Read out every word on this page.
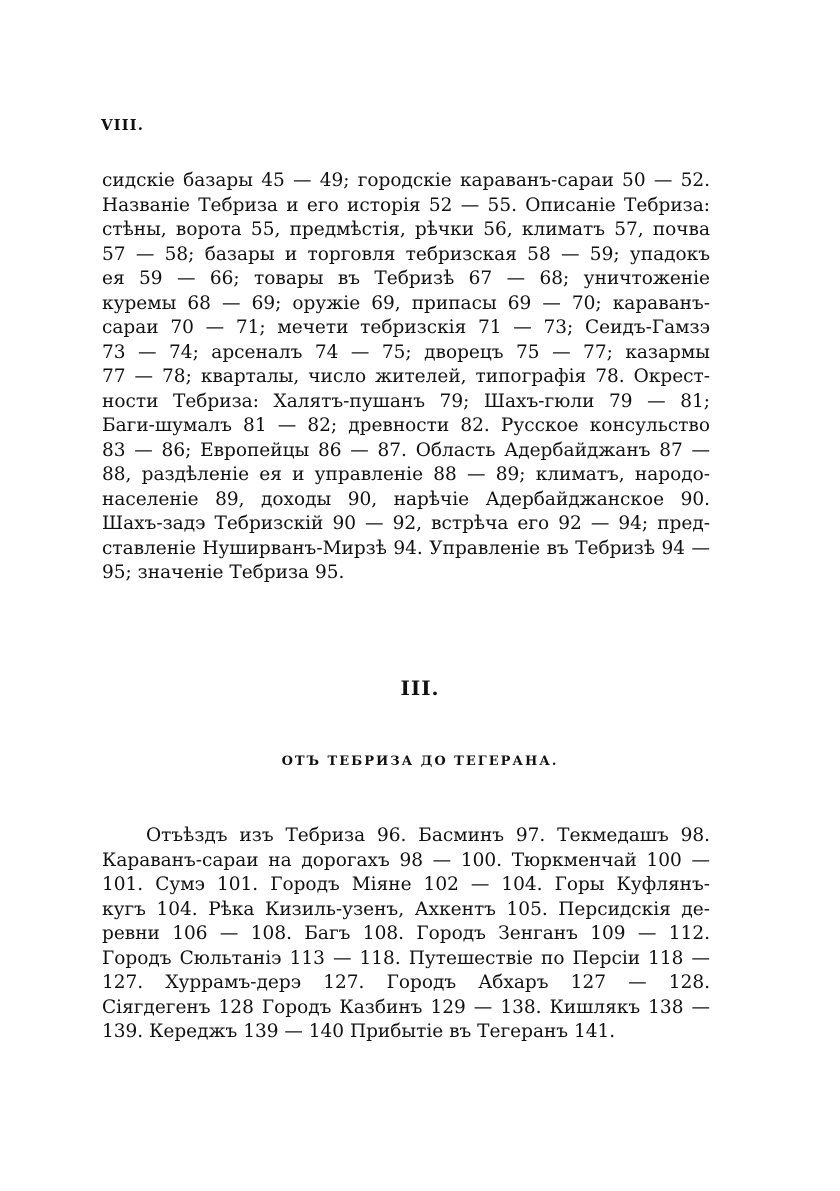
VIII.
сидскіе базары 45 — 49; городскіе караванъ-сараи 50 — 52.
Названіе Тебриза и его исторія 52 — 55. Описаніе Тебриза:
стѣны, ворота 55, предмѣстія, рѣчки 56, климатъ 57, почва
57 — 58; базары и торговля тебризская 58 — 59; упадокъ
ея 59 — 66; товары въ Тебризѣ 67 — 68; уничтоженіе
куремы 68 — 69; оружіе 69, припасы 69 — 70; караванъ-
сараи 70 — 71; мечети тебризскія 71 — 73; Сеидъ-Гамзэ
73 — 74; арсеналъ 74 — 75; дворецъ 75 — 77; казармы
77 — 78; кварталы, число жителей, типографія 78. Окрест-
ности Тебриза: Халятъ-пушанъ 79; Шахъ-гюли 79 — 81;
Баги-шумалъ 81 — 82; древности 82. Русское консульство
83 — 86; Европейцы 86 — 87. Область Адербайджанъ 87 —
88, раздѣленіе ея и управленіе 88 — 89; климатъ, народо-
населеніе 89, доходы 90, нарѣчіе Адербайджанское 90.
Шахъ-задэ Тебризскій 90 — 92, встрѣча его 92 — 94; пред-
ставленіе Нуширванъ-Мирзѣ 94. Управленіе въ Тебризѣ 94 —
95; значеніе Тебриза 95.
III.
ОТЪ ТЕБРИЗА ДО ТЕГЕРАНА.
Отъѣздъ изъ Тебриза 96. Басминъ 97. Текмедашъ 98.
Караванъ-сараи на дорогахъ 98 — 100. Тюркменчай 100 —
101. Сумэ 101. Городъ Міяне 102 — 104. Горы Куфлянъ-
кугъ 104. Рѣка Кизиль-узенъ, Ахкентъ 105. Персидскія де-
ревни 106 — 108. Багъ 108. Городъ Зенганъ 109 — 112.
Городъ Сюльтаніэ 113 — 118. Путешествіе по Персіи 118 —
127. Хуррамъ-дерэ 127. Городъ Абхаръ 127 — 128. Сіягдегенъ 128 Городъ Казбинъ 129 — 138. Кишлякъ 138 —
139. Кереджъ 139 — 140 Прибытіе въ Тегеранъ 141.
